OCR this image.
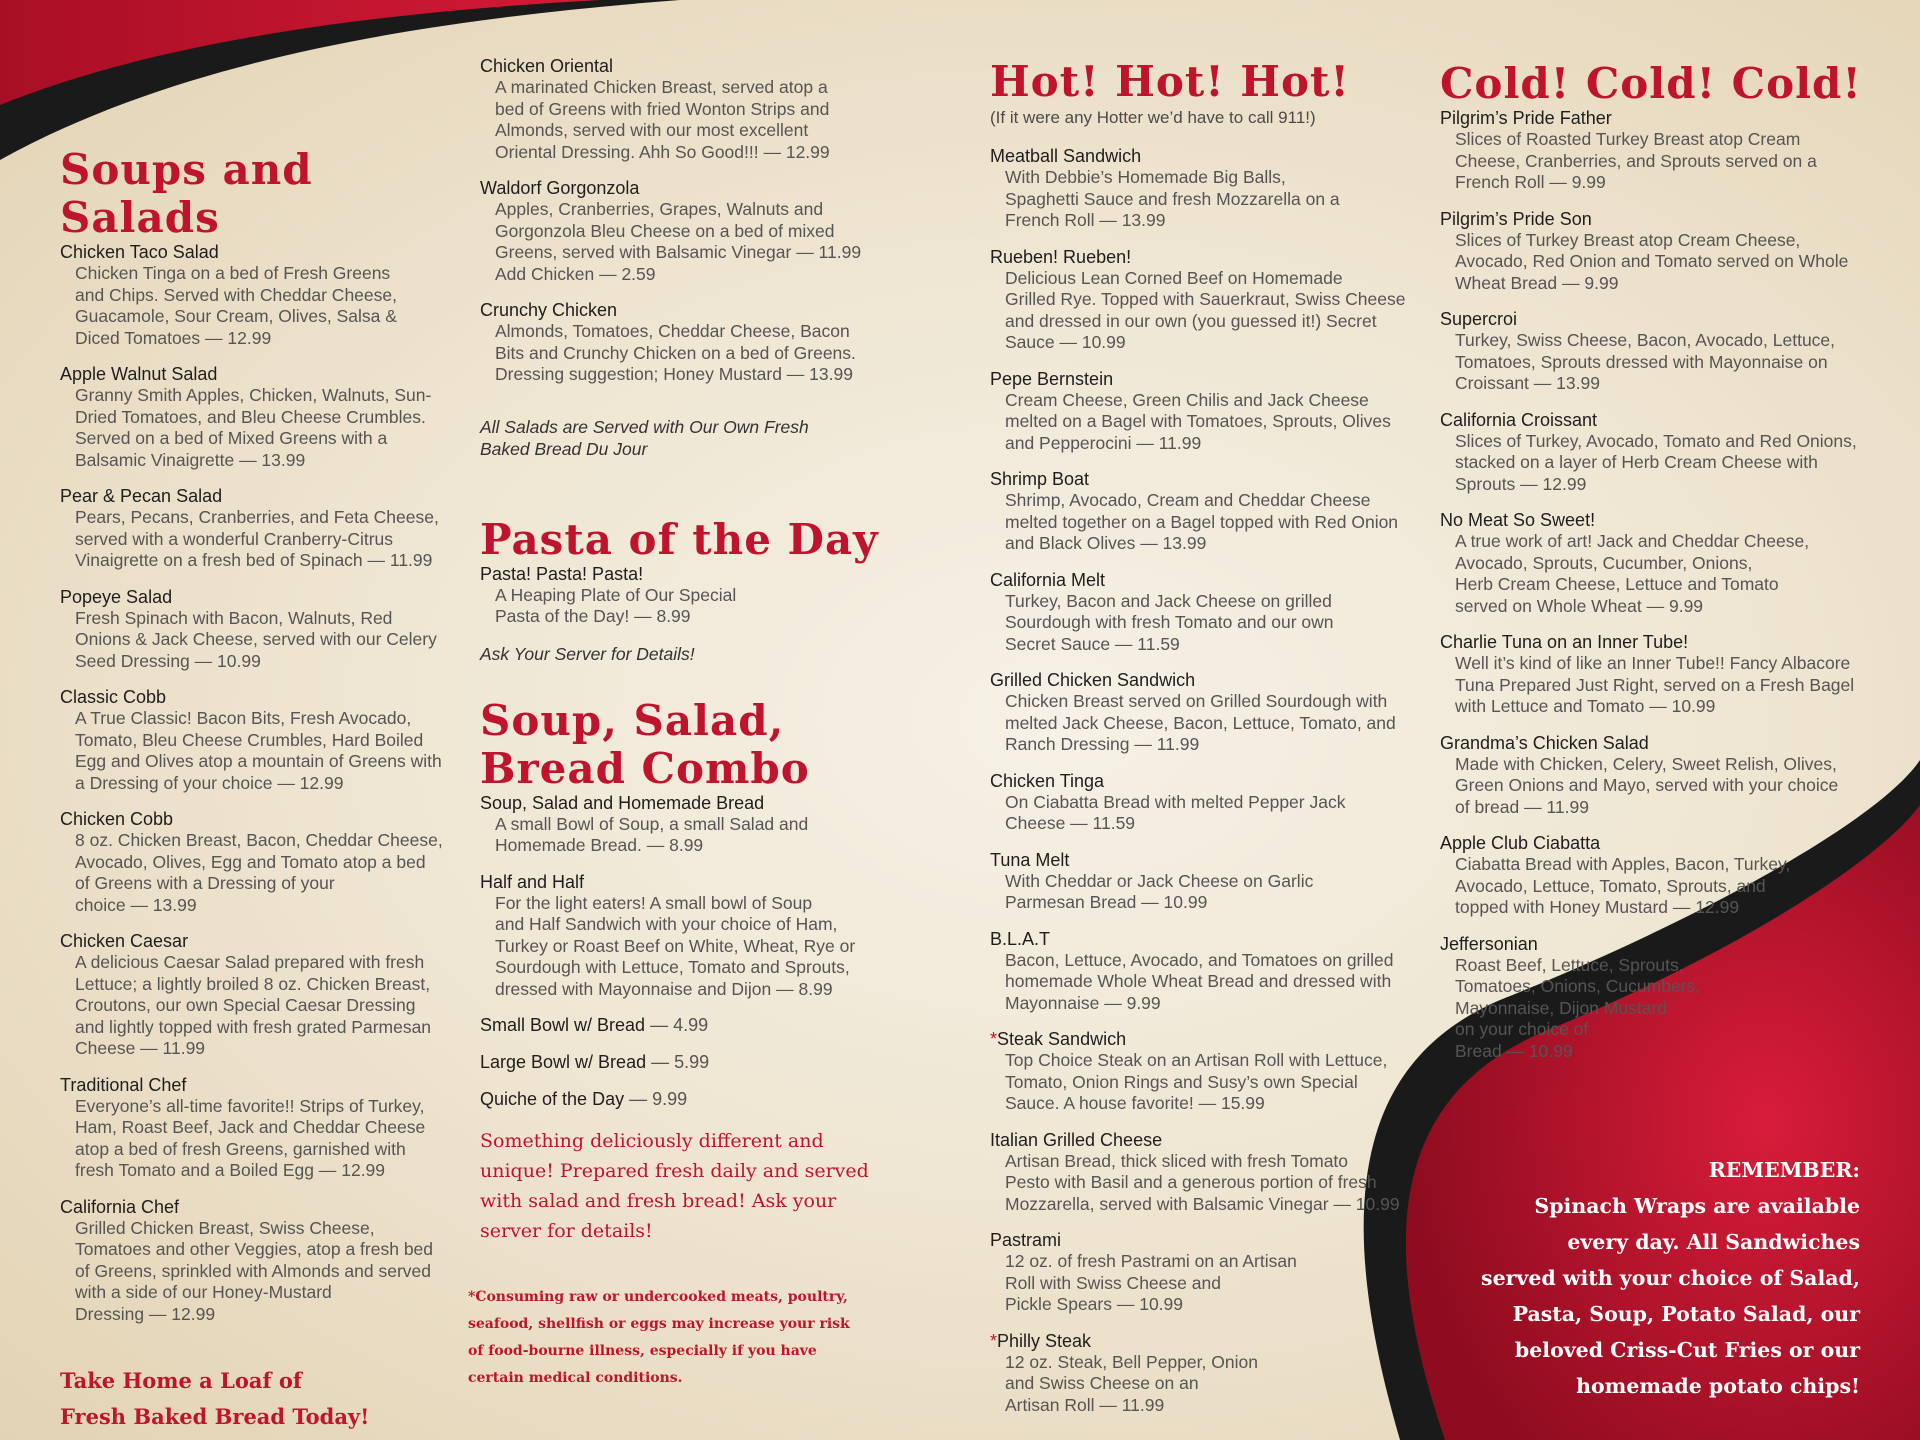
Soups and Salads
Chicken Taco Salad
Chicken Tinga on a bed of Fresh Greens
and Chips. Served with Cheddar Cheese,
Guacamole, Sour Cream, Olives, Salsa &
Diced Tomatoes — 12.99
Apple Walnut Salad
Granny Smith Apples, Chicken, Walnuts, Sun-
Dried Tomatoes, and Bleu Cheese Crumbles.
Served on a bed of Mixed Greens with a
Balsamic Vinaigrette — 13.99
Pear & Pecan Salad
Pears, Pecans, Cranberries, and Feta Cheese,
served with a wonderful Cranberry-Citrus
Vinaigrette on a fresh bed of Spinach — 11.99
Popeye Salad
Fresh Spinach with Bacon, Walnuts, Red
Onions & Jack Cheese, served with our Celery
Seed Dressing — 10.99
Classic Cobb
A True Classic! Bacon Bits, Fresh Avocado,
Tomato, Bleu Cheese Crumbles, Hard Boiled
Egg and Olives atop a mountain of Greens with
a Dressing of your choice — 12.99
Chicken Cobb
8 oz. Chicken Breast, Bacon, Cheddar Cheese,
Avocado, Olives, Egg and Tomato atop a bed
of Greens with a Dressing of your
choice — 13.99
Chicken Caesar
A delicious Caesar Salad prepared with fresh
Lettuce; a lightly broiled 8 oz. Chicken Breast,
Croutons, our own Special Caesar Dressing
and lightly topped with fresh grated Parmesan
Cheese — 11.99
Traditional Chef
Everyone’s all-time favorite!! Strips of Turkey,
Ham, Roast Beef, Jack and Cheddar Cheese
atop a bed of fresh Greens, garnished with
fresh Tomato and a Boiled Egg — 12.99
California Chef
Grilled Chicken Breast, Swiss Cheese,
Tomatoes and other Veggies, atop a fresh bed
of Greens, sprinkled with Almonds and served
with a side of our Honey-Mustard
Dressing — 12.99
Take Home a Loaf of
Fresh Baked Bread Today!
Chicken Oriental
A marinated Chicken Breast, served atop a
bed of Greens with fried Wonton Strips and
Almonds, served with our most excellent
Oriental Dressing. Ahh So Good!!! — 12.99
Waldorf Gorgonzola
Apples, Cranberries, Grapes, Walnuts and
Gorgonzola Bleu Cheese on a bed of mixed
Greens, served with Balsamic Vinegar — 11.99
Add Chicken — 2.59
Crunchy Chicken
Almonds, Tomatoes, Cheddar Cheese, Bacon
Bits and Crunchy Chicken on a bed of Greens.
Dressing suggestion; Honey Mustard — 13.99
All Salads are Served with Our Own Fresh
Baked Bread Du Jour
Pasta of the Day
Pasta! Pasta! Pasta!
A Heaping Plate of Our Special
Pasta of the Day! — 8.99
Ask Your Server for Details!
Soup, Salad,
Bread Combo
Soup, Salad and Homemade Bread
A small Bowl of Soup, a small Salad and
Homemade Bread. — 8.99
Half and Half
For the light eaters! A small bowl of Soup
and Half Sandwich with your choice of Ham,
Turkey or Roast Beef on White, Wheat, Rye or
Sourdough with Lettuce, Tomato and Sprouts,
dressed with Mayonnaise and Dijon — 8.99
Small Bowl w/ Bread — 4.99
Large Bowl w/ Bread — 5.99
Quiche of the Day — 9.99
Something deliciously different and
unique! Prepared fresh daily and served
with salad and fresh bread! Ask your
server for details!
*Consuming raw or undercooked meats, poultry,
seafood, shellfish or eggs may increase your risk
of food-bourne illness, especially if you have
certain medical conditions.
Hot! Hot! Hot!
(If it were any Hotter we’d have to call 911!)
Meatball Sandwich
With Debbie’s Homemade Big Balls,
Spaghetti Sauce and fresh Mozzarella on a
French Roll — 13.99
Rueben! Rueben!
Delicious Lean Corned Beef on Homemade
Grilled Rye. Topped with Sauerkraut, Swiss Cheese
and dressed in our own (you guessed it!) Secret
Sauce — 10.99
Pepe Bernstein
Cream Cheese, Green Chilis and Jack Cheese
melted on a Bagel with Tomatoes, Sprouts, Olives
and Pepperocini — 11.99
Shrimp Boat
Shrimp, Avocado, Cream and Cheddar Cheese
melted together on a Bagel topped with Red Onion
and Black Olives — 13.99
California Melt
Turkey, Bacon and Jack Cheese on grilled
Sourdough with fresh Tomato and our own
Secret Sauce — 11.59
Grilled Chicken Sandwich
Chicken Breast served on Grilled Sourdough with
melted Jack Cheese, Bacon, Lettuce, Tomato, and
Ranch Dressing — 11.99
Chicken Tinga
On Ciabatta Bread with melted Pepper Jack
Cheese — 11.59
Tuna Melt
With Cheddar or Jack Cheese on Garlic
Parmesan Bread — 10.99
B.L.A.T
Bacon, Lettuce, Avocado, and Tomatoes on grilled
homemade Whole Wheat Bread and dressed with
Mayonnaise — 9.99
*Steak Sandwich
Top Choice Steak on an Artisan Roll with Lettuce,
Tomato, Onion Rings and Susy’s own Special
Sauce. A house favorite! — 15.99
Italian Grilled Cheese
Artisan Bread, thick sliced with fresh Tomato
Pesto with Basil and a generous portion of fresh
Mozzarella, served with Balsamic Vinegar — 10.99
Pastrami
12 oz. of fresh Pastrami on an Artisan
Roll with Swiss Cheese and
Pickle Spears — 10.99
*Philly Steak
12 oz. Steak, Bell Pepper, Onion
and Swiss Cheese on an
Artisan Roll — 11.99
Cold! Cold! Cold!
Pilgrim’s Pride Father
Slices of Roasted Turkey Breast atop Cream
Cheese, Cranberries, and Sprouts served on a
French Roll — 9.99
Pilgrim’s Pride Son
Slices of Turkey Breast atop Cream Cheese,
Avocado, Red Onion and Tomato served on Whole
Wheat Bread — 9.99
Supercroi
Turkey, Swiss Cheese, Bacon, Avocado, Lettuce,
Tomatoes, Sprouts dressed with Mayonnaise on
Croissant — 13.99
California Croissant
Slices of Turkey, Avocado, Tomato and Red Onions,
stacked on a layer of Herb Cream Cheese with
Sprouts — 12.99
No Meat So Sweet!
A true work of art! Jack and Cheddar Cheese,
Avocado, Sprouts, Cucumber, Onions,
Herb Cream Cheese, Lettuce and Tomato
served on Whole Wheat — 9.99
Charlie Tuna on an Inner Tube!
Well it’s kind of like an Inner Tube!! Fancy Albacore
Tuna Prepared Just Right, served on a Fresh Bagel
with Lettuce and Tomato — 10.99
Grandma’s Chicken Salad
Made with Chicken, Celery, Sweet Relish, Olives,
Green Onions and Mayo, served with your choice
of bread — 11.99
Apple Club Ciabatta
Ciabatta Bread with Apples, Bacon, Turkey,
Avocado, Lettuce, Tomato, Sprouts, and
topped with Honey Mustard — 12.99
Jeffersonian
Roast Beef, Lettuce, Sprouts,
Tomatoes, Onions, Cucumbers,
Mayonnaise, Dijon Mustard
on your choice of
Bread — 10.99
REMEMBER:
Spinach Wraps are available
every day. All Sandwiches
served with your choice of Salad,
Pasta, Soup, Potato Salad, our
beloved Criss-Cut Fries or our
homemade potato chips!
